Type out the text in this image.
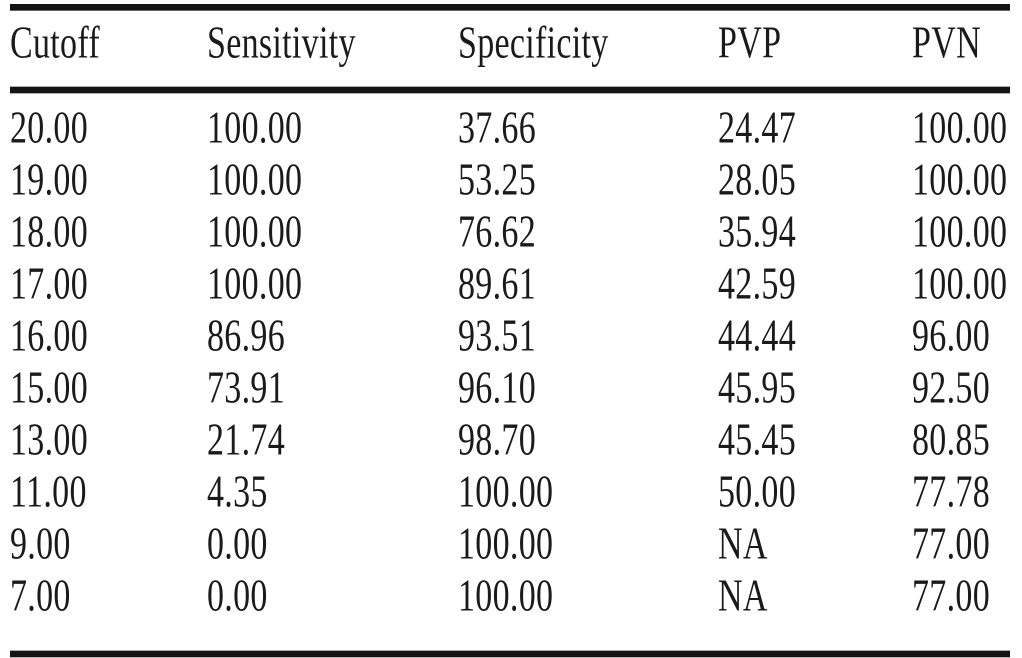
Cutoff	Sensitivity	Specificity	PVP	PVN
20.00	100.00	37.66	24.47	100.00
19.00	100.00	53.25	28.05	100.00
18.00	100.00	76.62	35.94	100.00
17.00	100.00	89.61	42.59	100.00
16.00	86.96	93.51	44.44	96.00
15.00	73.91	96.10	45.95	92.50
13.00	21.74	98.70	45.45	80.85
11.00	4.35	100.00	50.00	77.78
9.00	0.00	100.00	NA	77.00
7.00	0.00	100.00	NA	77.00
